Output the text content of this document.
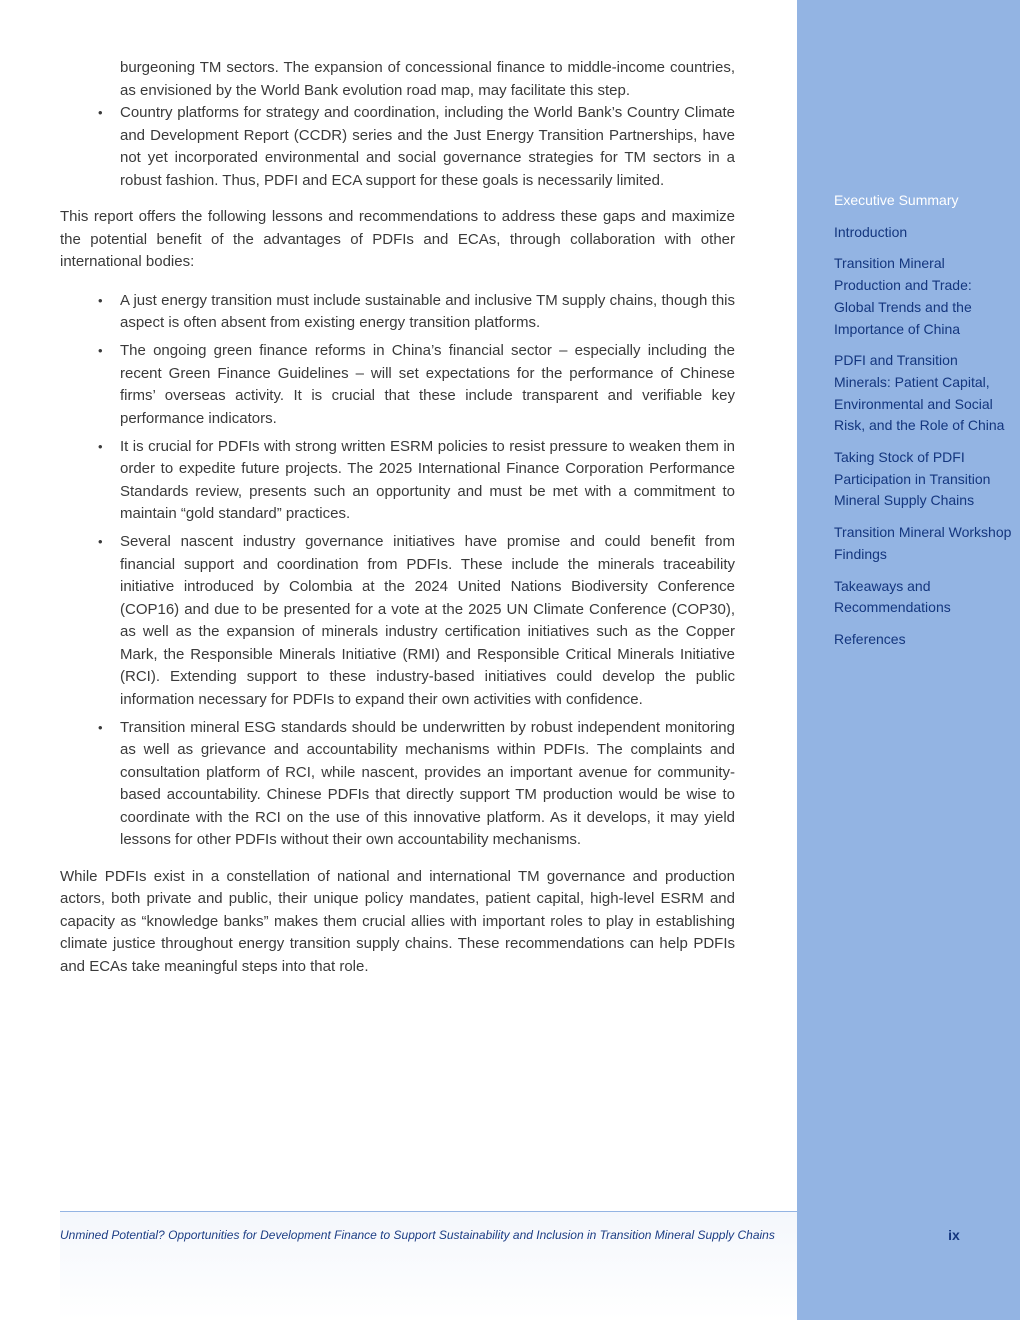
Executive Summary
Introduction
Transition Mineral Production and Trade: Global Trends and the Importance of China
PDFI and Transition Minerals: Patient Capital, Environmental and Social Risk, and the Role of China
Taking Stock of PDFI Participation in Transition Mineral Supply Chains
Transition Mineral Workshop Findings
Takeaways and Recommendations
References

burgeoning TM sectors. The expansion of concessional finance to middle-income countries, as envisioned by the World Bank evolution road map, may facilitate this step.

• Country platforms for strategy and coordination, including the World Bank’s Country Climate and Development Report (CCDR) series and the Just Energy Transition Partnerships, have not yet incorporated environmental and social governance strategies for TM sectors in a robust fashion. Thus, PDFI and ECA support for these goals is necessarily limited.

This report offers the following lessons and recommendations to address these gaps and maximize the potential benefit of the advantages of PDFIs and ECAs, through collaboration with other international bodies:

• A just energy transition must include sustainable and inclusive TM supply chains, though this aspect is often absent from existing energy transition platforms.
• The ongoing green finance reforms in China’s financial sector – especially including the recent Green Finance Guidelines – will set expectations for the performance of Chinese firms’ overseas activity. It is crucial that these include transparent and verifiable key performance indicators.
• It is crucial for PDFIs with strong written ESRM policies to resist pressure to weaken them in order to expedite future projects. The 2025 International Finance Corporation Performance Standards review, presents such an opportunity and must be met with a commitment to maintain “gold standard” practices.
• Several nascent industry governance initiatives have promise and could benefit from financial support and coordination from PDFIs. These include the minerals traceability initiative introduced by Colombia at the 2024 United Nations Biodiversity Conference (COP16) and due to be presented for a vote at the 2025 UN Climate Conference (COP30), as well as the expansion of minerals industry certification initiatives such as the Copper Mark, the Responsible Minerals Initiative (RMI) and Responsible Critical Minerals Initiative (RCI). Extending support to these industry-based initiatives could develop the public information necessary for PDFIs to expand their own activities with confidence.
• Transition mineral ESG standards should be underwritten by robust independent monitoring as well as grievance and accountability mechanisms within PDFIs. The complaints and consultation platform of RCI, while nascent, provides an important avenue for community-based accountability. Chinese PDFIs that directly support TM production would be wise to coordinate with the RCI on the use of this innovative platform. As it develops, it may yield lessons for other PDFIs without their own accountability mechanisms.

While PDFIs exist in a constellation of national and international TM governance and production actors, both private and public, their unique policy mandates, patient capital, high-level ESRM and capacity as “knowledge banks” makes them crucial allies with important roles to play in establishing climate justice throughout energy transition supply chains. These recommendations can help PDFIs and ECAs take meaningful steps into that role.

Unmined Potential? Opportunities for Development Finance to Support Sustainability and Inclusion in Transition Mineral Supply Chains	ix
